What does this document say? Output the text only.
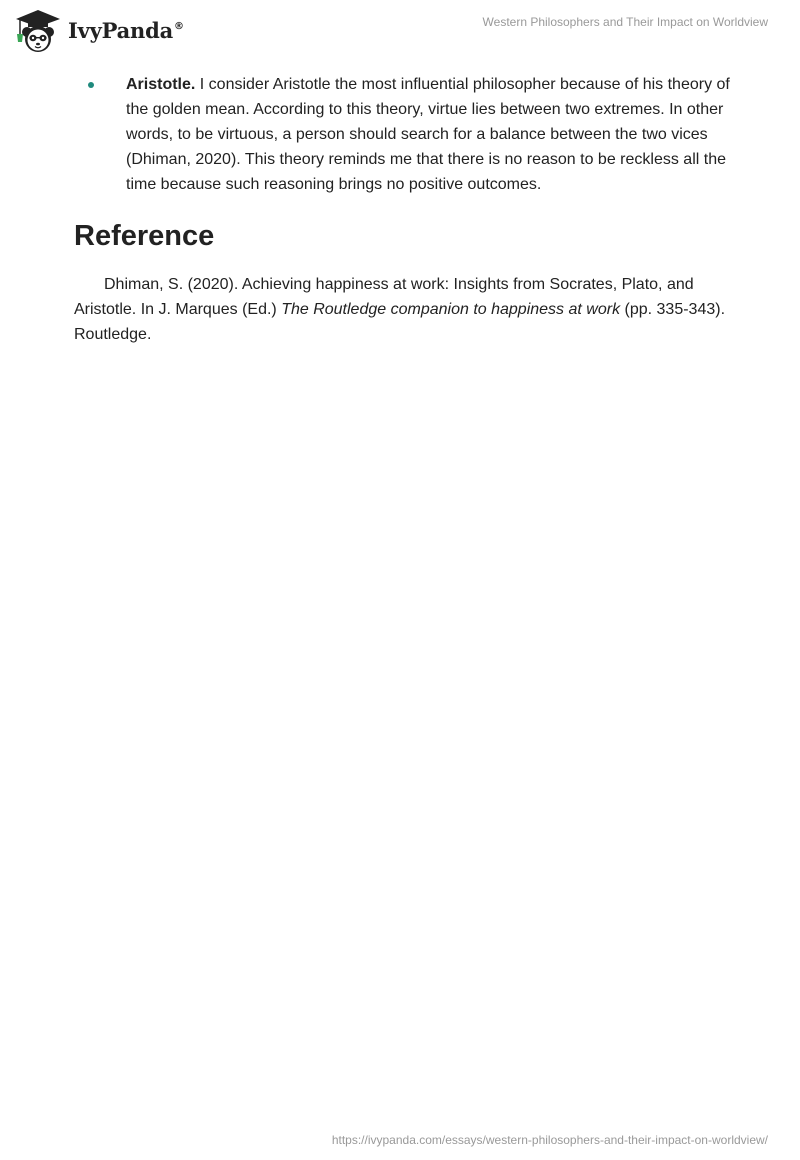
IvyPanda®	Western Philosophers and Their Impact on Worldview
Aristotle. I consider Aristotle the most influential philosopher because of his theory of the golden mean. According to this theory, virtue lies between two extremes. In other words, to be virtuous, a person should search for a balance between the two vices (Dhiman, 2020). This theory reminds me that there is no reason to be reckless all the time because such reasoning brings no positive outcomes.
Reference

Dhiman, S. (2020). Achieving happiness at work: Insights from Socrates, Plato, and Aristotle. In J. Marques (Ed.) The Routledge companion to happiness at work (pp. 335-343). Routledge.

https://ivypanda.com/essays/western-philosophers-and-their-impact-on-worldview/
